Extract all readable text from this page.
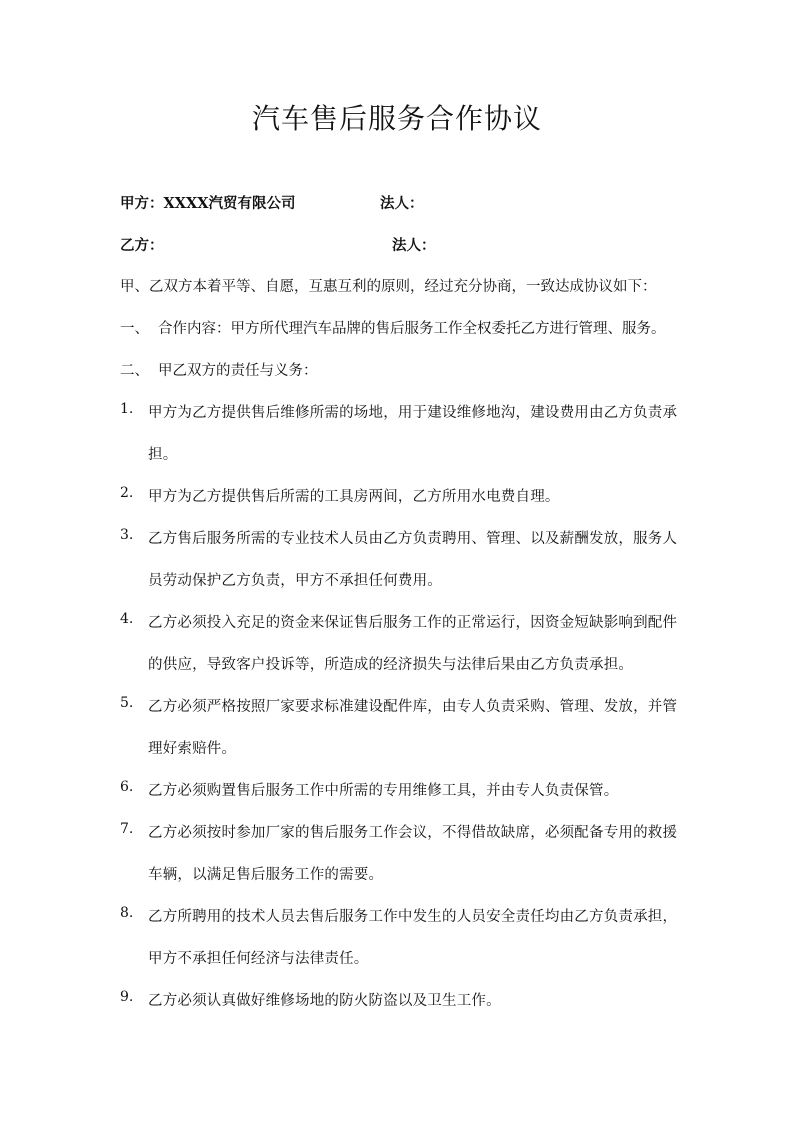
汽车售后服务合作协议
甲方：XXXX汽贸有限公司	法人：
乙方：	法人：
甲、乙双方本着平等、自愿，互惠互利的原则，经过充分协商，一致达成协议如下：
一、 合作内容：甲方所代理汽车品牌的售后服务工作全权委托乙方进行管理、服务。
二、 甲乙双方的责任与义务：
1. 甲方为乙方提供售后维修所需的场地，用于建设维修地沟，建设费用由乙方负责承
担。
2. 甲方为乙方提供售后所需的工具房两间，乙方所用水电费自理。
3. 乙方售后服务所需的专业技术人员由乙方负责聘用、管理、以及薪酬发放，服务人
员劳动保护乙方负责，甲方不承担任何费用。
4. 乙方必须投入充足的资金来保证售后服务工作的正常运行，因资金短缺影响到配件
的供应，导致客户投诉等，所造成的经济损失与法律后果由乙方负责承担。
5. 乙方必须严格按照厂家要求标准建设配件库，由专人负责采购、管理、发放，并管
理好索赔件。
6. 乙方必须购置售后服务工作中所需的专用维修工具，并由专人负责保管。
7. 乙方必须按时参加厂家的售后服务工作会议，不得借故缺席，必须配备专用的救援
车辆，以满足售后服务工作的需要。
8. 乙方所聘用的技术人员去售后服务工作中发生的人员安全责任均由乙方负责承担，
甲方不承担任何经济与法律责任。
9. 乙方必须认真做好维修场地的防火防盗以及卫生工作。
